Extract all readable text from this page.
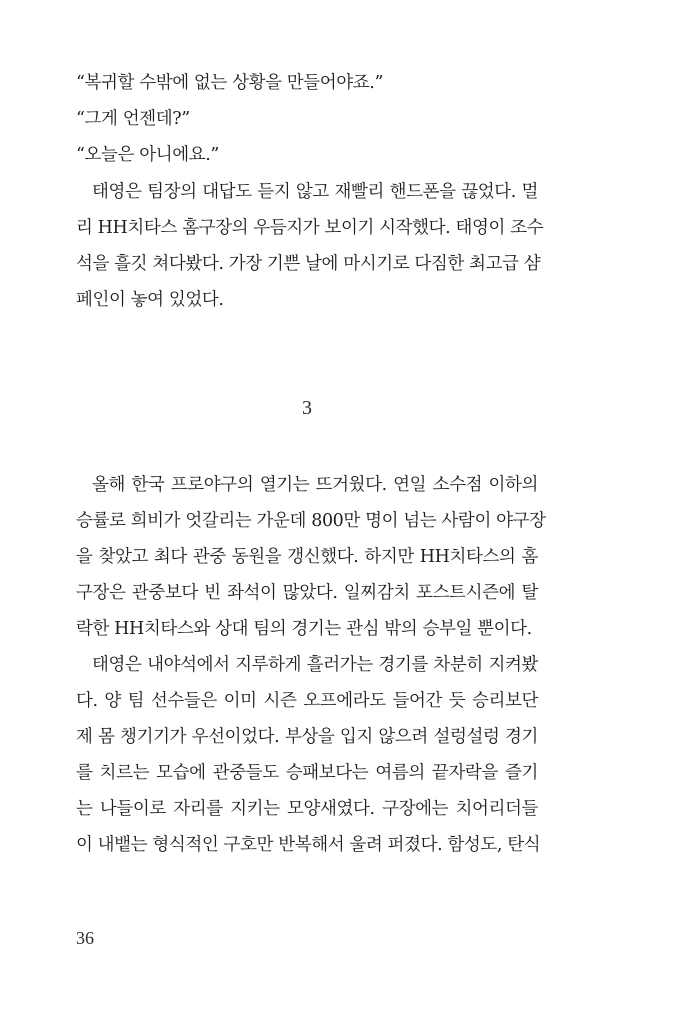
“복귀할 수밖에 없는 상황을 만들어야죠.”
“그게 언젠데?”
“오늘은 아니에요.”
태영은 팀장의 대답도 듣지 않고 재빨리 핸드폰을 끊었다. 멀
리 HH치타스 홈구장의 우듬지가 보이기 시작했다. 태영이 조수
석을 흘깃 쳐다봤다. 가장 기쁜 날에 마시기로 다짐한 최고급 샴
페인이 놓여 있었다.
3
올해 한국 프로야구의 열기는 뜨거웠다. 연일 소수점 이하의
승률로 희비가 엇갈리는 가운데 800만 명이 넘는 사람이 야구장
을 찾았고 최다 관중 동원을 갱신했다. 하지만 HH치타스의 홈
구장은 관중보다 빈 좌석이 많았다. 일찌감치 포스트시즌에 탈
락한 HH치타스와 상대 팀의 경기는 관심 밖의 승부일 뿐이다.
태영은 내야석에서 지루하게 흘러가는 경기를 차분히 지켜봤
다. 양 팀 선수들은 이미 시즌 오프에라도 들어간 듯 승리보단
제 몸 챙기기가 우선이었다. 부상을 입지 않으려 설렁설렁 경기
를 치르는 모습에 관중들도 승패보다는 여름의 끝자락을 즐기
는 나들이로 자리를 지키는 모양새였다. 구장에는 치어리더들
이 내뱉는 형식적인 구호만 반복해서 울려 퍼졌다. 함성도, 탄식
36
